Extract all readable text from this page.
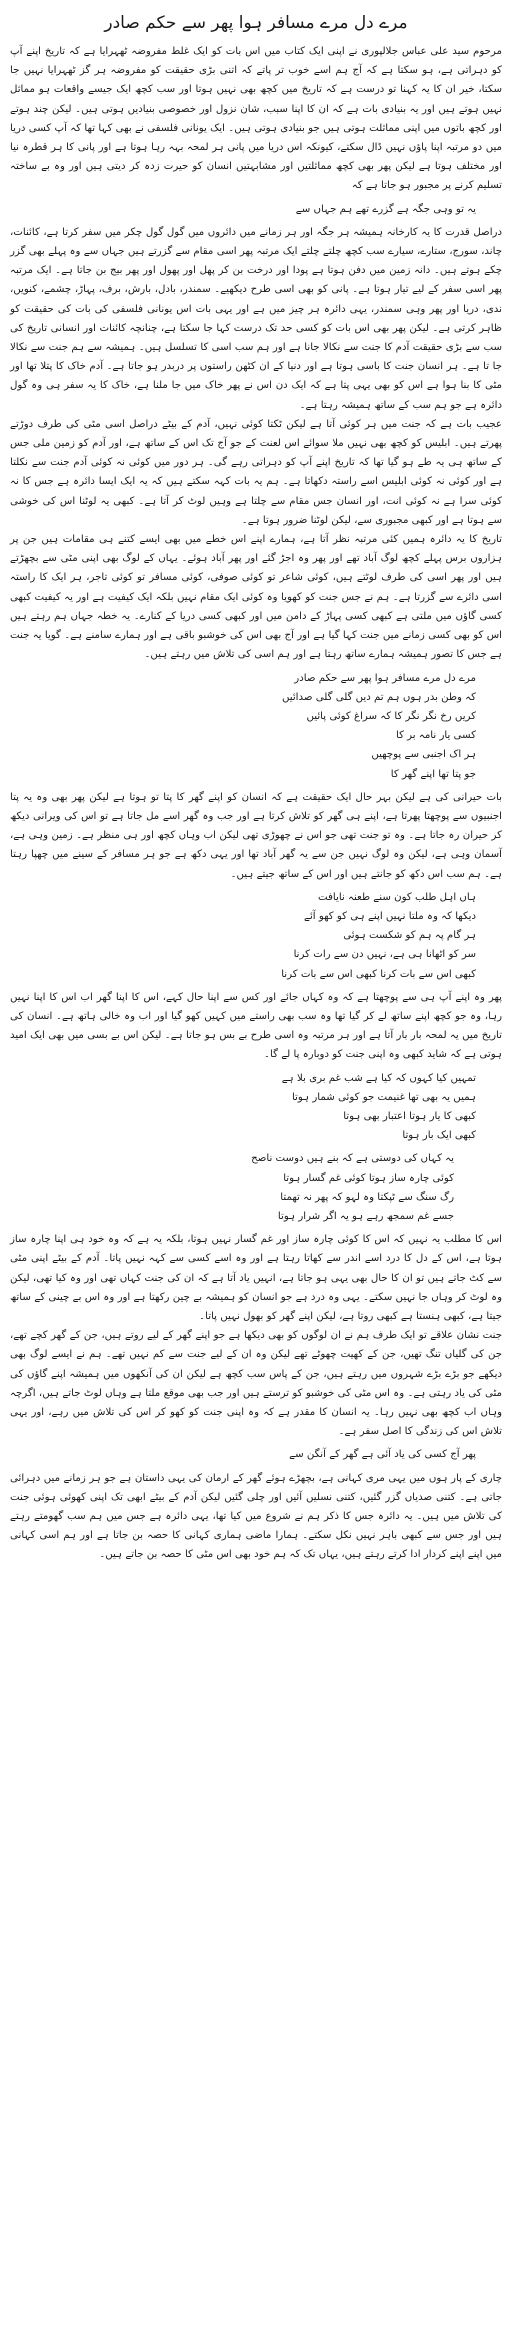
مرے دل مرے مسافر ہوا پھر سے حکم صادر

مرحوم سید علی عباس جلالپوری نے اپنی ایک کتاب میں اس بات کو ایک غلط مفروضہ ٹھہرایا ہے کہ تاریخ اپنے آپ کو دہراتی ہے، ہو سکتا ہے کہ آج ہم اسے خوب تر پاتے کہ اتنی بڑی حقیقت کو مفروضہ ہر گز ٹھہرایا نہیں جا سکتا، خیر ان کا یہ کہنا تو درست ہے کہ تاریخ میں کچھ بھی نہیں ہوتا اور سب کچھ ایک جیسے واقعات ہو مماثل نہیں ہوتے ہیں اور یہ بنیادی بات ہے کہ ان کا اپنا سبب، شان نزول اور خصوصی بنیادیں ہوتی ہیں۔ لیکن چند ہوتے اور کچھ باتوں میں اپنی مماثلت ہوتی ہیں جو بنیادی ہوتی ہیں۔ ایک یونانی فلسفی نے بھی کہا تھا کہ آپ کسی دریا میں دو مرتبہ اپنا پاؤں نہیں ڈال سکتے، کیونکہ اس دریا میں پانی ہر لمحہ بہہ رہا ہوتا ہے اور پانی کا ہر قطرہ نیا اور مختلف ہوتا ہے لیکن پھر بھی کچھ مماثلتیں اور مشابہتیں انسان کو حیرت زدہ کر دیتی ہیں اور وہ بے ساختہ تسلیم کرنے پر مجبور ہو جاتا ہے کہ

یہ تو وہی جگہ ہے گزرے تھے ہم جہاں سے

دراصل قدرت کا یہ کارخانہ ہمیشہ ہر جگہ اور ہر زمانے میں دائروں میں گول گول چکر میں سفر کرتا ہے، کائنات، چاند، سورج، ستارے، سیارے سب کچھ چلتے چلتے ایک مرتبہ پھر اسی مقام سے گزرتے ہیں جہاں سے وہ پہلے بھی گزر چکے ہوتے ہیں۔ دانہ زمین میں دفن ہوتا ہے پودا اور درخت بن کر پھل اور پھول اور پھر بیج بن جاتا ہے۔ ایک مرتبہ پھر اسی سفر کے لیے تیار ہوتا ہے۔ پانی کو بھی اسی طرح دیکھیے۔ سمندر، بادل، بارش، برف، پہاڑ، چشمے، کنویں، ندی، دریا اور پھر وہی سمندر، یہی دائرہ ہر چیز میں ہے اور یہی بات اس یونانی فلسفی کی بات کی حقیقت کو ظاہر کرتی ہے۔ لیکن پھر بھی اس بات کو کسی حد تک درست کہا جا سکتا ہے، چنانچہ کائنات اور انسانی تاریخ کی سب سے بڑی حقیقت آدم کا جنت سے نکالا جانا ہے اور ہم سب اسی کا تسلسل ہیں۔ ہمیشہ سے ہم جنت سے نکالا جا تا ہے۔ ہر انسان جنت کا باسی ہوتا ہے اور دنیا کے ان کٹھن راستوں پر دربدر ہو جاتا ہے۔ آدم خاک کا پتلا تھا اور مٹی کا بنا ہوا ہے اس کو بھی یہی پتا ہے کہ ایک دن اس نے پھر خاک میں جا ملنا ہے، خاک کا یہ سفر ہی وہ گول دائرہ ہے جو ہم سب کے ساتھ ہمیشہ رہتا ہے۔

عجیب بات ہے کہ جنت میں ہر کوئی آتا ہے لیکن ٹکتا کوئی نہیں، آدم کے بیٹے دراصل اسی مٹی کی طرف دوڑتے پھرتے ہیں۔ ابلیس کو کچھ بھی نہیں ملا سوائے اس لعنت کے جو آج تک اس کے ساتھ ہے، اور آدم کو زمین ملی جس کے ساتھ ہی یہ طے ہو گیا تھا کہ تاریخ اپنے آپ کو دہراتی رہے گی۔ ہر دور میں کوئی نہ کوئی آدم جنت سے نکلتا ہے اور کوئی نہ کوئی ابلیس اسے راستہ دکھاتا ہے۔ ہم یہ بات کہہ سکتے ہیں کہ یہ ایک ایسا دائرہ ہے جس کا نہ کوئی سرا ہے نہ کوئی انت، اور انسان جس مقام سے چلتا ہے وہیں لوٹ کر آتا ہے۔ کبھی یہ لوٹنا اس کی خوشی سے ہوتا ہے اور کبھی مجبوری سے، لیکن لوٹنا ضرور ہوتا ہے۔

تاریخ کا یہ دائرہ ہمیں کئی مرتبہ نظر آتا ہے، ہمارے اپنے اس خطے میں بھی ایسے کتنے ہی مقامات ہیں جن پر ہزاروں برس پہلے کچھ لوگ آباد تھے اور پھر وہ اجڑ گئے اور پھر آباد ہوئے۔ یہاں کے لوگ بھی اپنی مٹی سے بچھڑتے ہیں اور پھر اسی کی طرف لوٹتے ہیں، کوئی شاعر تو کوئی صوفی، کوئی مسافر تو کوئی تاجر، ہر ایک کا راستہ اسی دائرے سے گزرتا ہے۔ ہم نے جس جنت کو کھویا وہ کوئی ایک مقام نہیں بلکہ ایک کیفیت ہے اور یہ کیفیت کبھی کسی گاؤں میں ملتی ہے کبھی کسی پہاڑ کے دامن میں اور کبھی کسی دریا کے کنارے۔ یہ خطہ جہاں ہم رہتے ہیں اس کو بھی کسی زمانے میں جنت کہا گیا ہے اور آج بھی اس کی خوشبو باقی ہے اور ہمارے سامنے ہے۔ گویا یہ جنت ہے جس کا تصور ہمیشہ ہمارے ساتھ رہتا ہے اور ہم اسی کی تلاش میں رہتے ہیں۔

مرے دل مرے مسافر ہوا پھر سے حکم صادر
کہ وطن بدر ہوں ہم تم دیں گلی گلی صدائیں
کریں رخ نگر نگر کا کہ سراغ کوئی پائیں
کسی یار نامہ بر کا
ہر اک اجنبی سے پوچھیں
جو پتا تھا اپنے گھر کا

بات حیرانی کی ہے لیکن بہر حال ایک حقیقت ہے کہ انسان کو اپنے گھر کا پتا تو ہوتا ہے لیکن پھر بھی وہ یہ پتا اجنبیوں سے پوچھتا پھرتا ہے، اپنے ہی گھر کو تلاش کرتا ہے اور جب وہ گھر اسے مل جاتا ہے تو اس کی ویرانی دیکھ کر حیران رہ جاتا ہے۔ وہ تو جنت تھی جو اس نے چھوڑی تھی لیکن اب وہاں کچھ اور ہی منظر ہے۔ زمین وہی ہے، آسمان وہی ہے، لیکن وہ لوگ نہیں جن سے یہ گھر آباد تھا اور یہی دکھ ہے جو ہر مسافر کے سینے میں چھپا رہتا ہے۔ ہم سب اس دکھ کو جانتے ہیں اور اس کے ساتھ جیتے ہیں۔

ہاں اہل طلب کون سنے طعنہ نایافت
دیکھا کہ وہ ملتا نہیں اپنے ہی کو کھو آئے
ہر گام پہ ہم کو شکست ہوئی
سر کو اٹھانا ہی ہے، نہیں دن سے رات کرنا
کبھی اس سے بات کرنا کبھی اس سے بات کرنا

پھر وہ اپنے آپ ہی سے پوچھتا ہے کہ وہ کہاں جائے اور کس سے اپنا حال کہے، اس کا اپنا گھر اب اس کا اپنا نہیں رہا، وہ جو کچھ اپنے ساتھ لے کر گیا تھا وہ سب بھی راستے میں کہیں کھو گیا اور اب وہ خالی ہاتھ ہے۔ انسان کی تاریخ میں یہ لمحہ بار بار آتا ہے اور ہر مرتبہ وہ اسی طرح بے بس ہو جاتا ہے۔ لیکن اس بے بسی میں بھی ایک امید ہوتی ہے کہ شاید کبھی وہ اپنی جنت کو دوبارہ پا لے گا۔

تمہیں کیا کہوں کہ کیا ہے شب غم بری بلا ہے
ہمیں یہ بھی تھا غنیمت جو کوئی شمار ہوتا
کبھی کا یار ہوتا اعتبار بھی ہوتا
کبھی ایک بار ہوتا
یہ کہاں کی دوستی ہے کہ بنے ہیں دوست ناصح
کوئی چارہ ساز ہوتا کوئی غم گسار ہوتا
رگ سنگ سے ٹپکتا وہ لہو کہ پھر نہ تھمتا
جسے غم سمجھ رہے ہو یہ اگر شرار ہوتا

اس کا مطلب یہ نہیں کہ اس کا کوئی چارہ ساز اور غم گسار نہیں ہوتا، بلکہ یہ ہے کہ وہ خود ہی اپنا چارہ ساز ہوتا ہے، اس کے دل کا درد اسے اندر سے کھاتا رہتا ہے اور وہ اسے کسی سے کہہ نہیں پاتا۔ آدم کے بیٹے اپنی مٹی سے کٹ جاتے ہیں تو ان کا حال بھی یہی ہو جاتا ہے، انہیں یاد آتا ہے کہ ان کی جنت کہاں تھی اور وہ کیا تھی، لیکن وہ لوٹ کر وہاں جا نہیں سکتے۔ یہی وہ درد ہے جو انسان کو ہمیشہ بے چین رکھتا ہے اور وہ اس بے چینی کے ساتھ جیتا ہے، کبھی ہنستا ہے کبھی روتا ہے، لیکن اپنے گھر کو بھول نہیں پاتا۔

جنت نشان علاقے تو ایک طرف ہم نے ان لوگوں کو بھی دیکھا ہے جو اپنے گھر کے لیے روتے ہیں، جن کے گھر کچے تھے، جن کی گلیاں تنگ تھیں، جن کے کھیت چھوٹے تھے لیکن وہ ان کے لیے جنت سے کم نہیں تھے۔ ہم نے ایسے لوگ بھی دیکھے جو بڑے بڑے شہروں میں رہتے ہیں، جن کے پاس سب کچھ ہے لیکن ان کی آنکھوں میں ہمیشہ اپنے گاؤں کی مٹی کی یاد رہتی ہے۔ وہ اس مٹی کی خوشبو کو ترستے ہیں اور جب بھی موقع ملتا ہے وہاں لوٹ جاتے ہیں، اگرچہ وہاں اب کچھ بھی نہیں رہا۔ یہ انسان کا مقدر ہے کہ وہ اپنی جنت کو کھو کر اس کی تلاش میں رہے، اور یہی تلاش اس کی زندگی کا اصل سفر ہے۔

پھر آج کسی کی یاد آئی ہے گھر کے آنگن سے

چاری کے پار ہوں میں یہی مری کہانی ہے، بچھڑے ہوئے گھر کے ارمان کی یہی داستان ہے جو ہر زمانے میں دہرائی جاتی ہے۔ کتنی صدیاں گزر گئیں، کتنی نسلیں آئیں اور چلی گئیں لیکن آدم کے بیٹے ابھی تک اپنی کھوئی ہوئی جنت کی تلاش میں ہیں۔ یہ دائرہ جس کا ذکر ہم نے شروع میں کیا تھا، یہی دائرہ ہے جس میں ہم سب گھومتے رہتے ہیں اور جس سے کبھی باہر نہیں نکل سکتے۔ ہمارا ماضی ہماری کہانی کا حصہ بن جاتا ہے اور ہم اسی کہانی میں اپنے اپنے کردار ادا کرتے رہتے ہیں، یہاں تک کہ ہم خود بھی اس مٹی کا حصہ بن جاتے ہیں۔
